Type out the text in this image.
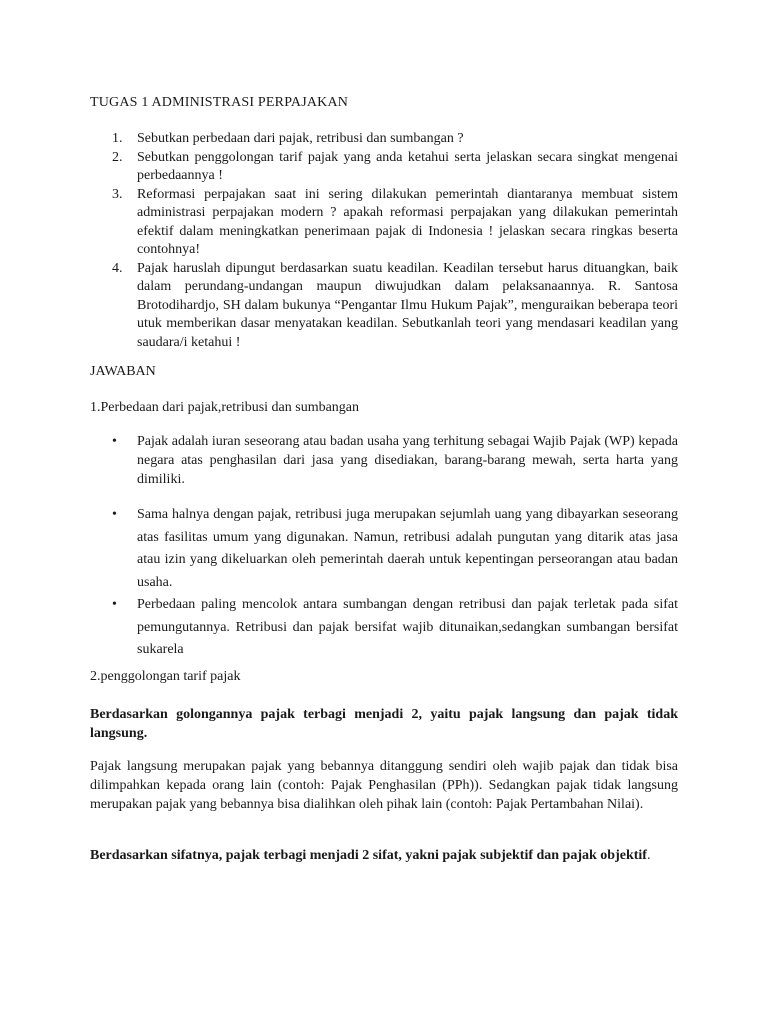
TUGAS 1 ADMINISTRASI PERPAJAKAN
1. Sebutkan perbedaan dari pajak, retribusi dan sumbangan ?
2. Sebutkan penggolongan tarif pajak yang anda ketahui serta jelaskan secara singkat mengenai perbedaannya !
3. Reformasi perpajakan saat ini sering dilakukan pemerintah diantaranya membuat sistem administrasi perpajakan modern ? apakah reformasi perpajakan yang dilakukan pemerintah efektif dalam meningkatkan penerimaan pajak di Indonesia ! jelaskan secara ringkas beserta contohnya!
4. Pajak haruslah dipungut berdasarkan suatu keadilan. Keadilan tersebut harus dituangkan, baik dalam perundang-undangan maupun diwujudkan dalam pelaksanaannya. R. Santosa Brotodihardjo, SH dalam bukunya “Pengantar Ilmu Hukum Pajak”, menguraikan beberapa teori utuk memberikan dasar menyatakan keadilan. Sebutkanlah teori yang mendasari keadilan yang saudara/i ketahui !
JAWABAN
1.Perbedaan dari pajak,retribusi dan sumbangan
• Pajak adalah iuran seseorang atau badan usaha yang terhitung sebagai Wajib Pajak (WP) kepada negara atas penghasilan dari jasa yang disediakan, barang-barang mewah, serta harta yang dimiliki.
• Sama halnya dengan pajak, retribusi juga merupakan sejumlah uang yang dibayarkan seseorang atas fasilitas umum yang digunakan. Namun, retribusi adalah pungutan yang ditarik atas jasa atau izin yang dikeluarkan oleh pemerintah daerah untuk kepentingan perseorangan atau badan usaha.
• Perbedaan paling mencolok antara sumbangan dengan retribusi dan pajak terletak pada sifat pemungutannya. Retribusi dan pajak bersifat wajib ditunaikan,sedangkan sumbangan bersifat sukarela
2.penggolongan tarif pajak
Berdasarkan golongannya pajak terbagi menjadi 2, yaitu pajak langsung dan pajak tidak langsung.
Pajak langsung merupakan pajak yang bebannya ditanggung sendiri oleh wajib pajak dan tidak bisa dilimpahkan kepada orang lain (contoh: Pajak Penghasilan (PPh)). Sedangkan pajak tidak langsung merupakan pajak yang bebannya bisa dialihkan oleh pihak lain (contoh: Pajak Pertambahan Nilai).
Berdasarkan sifatnya, pajak terbagi menjadi 2 sifat, yakni pajak subjektif dan pajak objektif.
